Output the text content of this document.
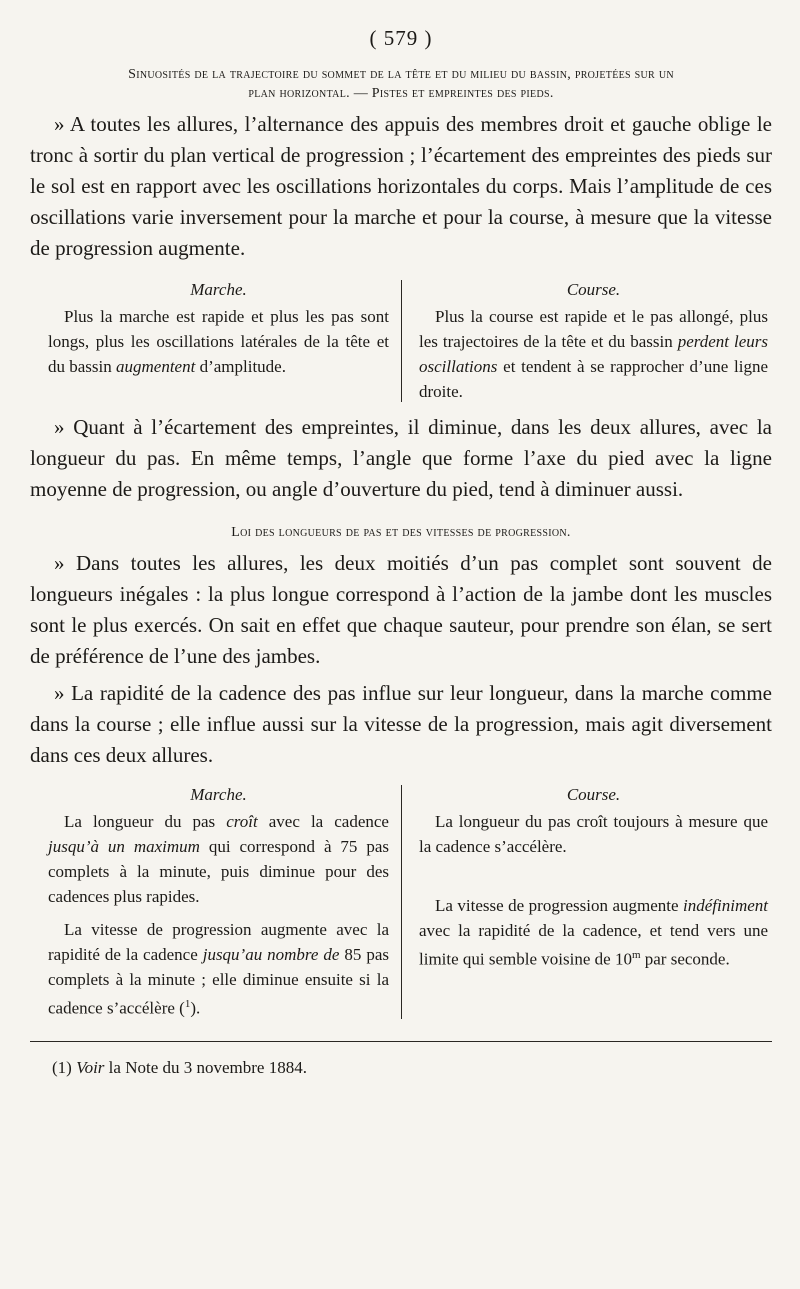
( 579 )
Sinuosités de la trajectoire du sommet de la tête et du milieu du bassin, projetées sur un
plan horizontal. — Pistes et empreintes des pieds.

» A toutes les allures, l’alternance des appuis des membres droit et gauche oblige le tronc à sortir du plan vertical de progression ; l’écartement des empreintes des pieds sur le sol est en rapport avec les oscillations horizontales du corps. Mais l’amplitude de ces oscillations varie inversement pour la marche et pour la course, à mesure que la vitesse de progression augmente.

Marche.

Plus la marche est rapide et plus les pas sont longs, plus les oscillations latérales de la tête et du bassin augmentent d’amplitude.

Course.

Plus la course est rapide et le pas allongé, plus les trajectoires de la tête et du bassin perdent leurs oscillations et tendent à se rapprocher d’une ligne droite.

» Quant à l’écartement des empreintes, il diminue, dans les deux allures, avec la longueur du pas. En même temps, l’angle que forme l’axe du pied avec la ligne moyenne de progression, ou angle d’ouverture du pied, tend à diminuer aussi.

Loi des longueurs de pas et des vitesses de progression.

» Dans toutes les allures, les deux moitiés d’un pas complet sont souvent de longueurs inégales : la plus longue correspond à l’action de la jambe dont les muscles sont le plus exercés. On sait en effet que chaque sauteur, pour prendre son élan, se sert de préférence de l’une des jambes.

» La rapidité de la cadence des pas influe sur leur longueur, dans la marche comme dans la course ; elle influe aussi sur la vitesse de la progression, mais agit diversement dans ces deux allures.

Marche.

La longueur du pas croît avec la cadence jusqu’à un maximum qui correspond à 75 pas complets à la minute, puis diminue pour des cadences plus rapides.

La vitesse de progression augmente avec la rapidité de la cadence jusqu’au nombre de 85 pas complets à la minute ; elle diminue ensuite si la cadence s’accélère ($^1$).

Course.

La longueur du pas croît toujours à mesure que la cadence s’accélère.

La vitesse de progression augmente indéfiniment avec la rapidité de la cadence, et tend vers une limite qui semble voisine de 10$^m$ par seconde.

(1) Voir la Note du 3 novembre 1884.
